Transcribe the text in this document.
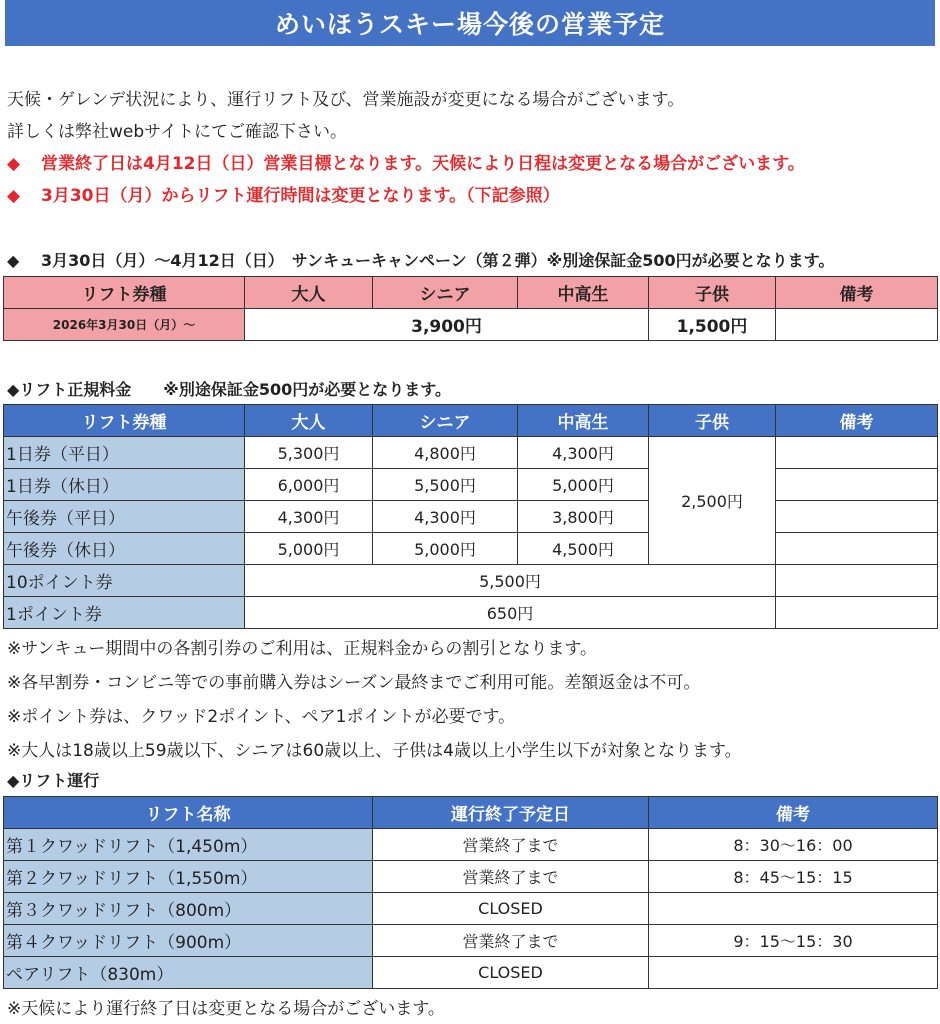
めいほうスキー場今後の営業予定
天候・ゲレンデ状況により、運行リフト及び、営業施設が変更になる場合がございます。
詳しくは弊社webサイトにてご確認下さい。
◆ 営業終了日は4月12日（日）営業目標となります。天候により日程は変更となる場合がございます。
◆ 3月30日（月）からリフト運行時間は変更となります。（下記参照）
◆ 3月30日（月）〜4月12日（日）　サンキューキャンペーン（第２弾）※別途保証金500円が必要となります。
リフト券種	大人	シニア	中高生	子供	備考
2026年3月30日（月）〜	3,900円			1,500円	
◆リフト正規料金　　※別途保証金500円が必要となります。
リフト券種	大人	シニア	中高生	子供	備考
1日券（平日）	5,300円	4,800円	4,300円	2,500円	
1日券（休日）	6,000円	5,500円	5,000円		
午後券（平日）	4,300円	4,300円	3,800円		
午後券（休日）	5,000円	5,000円	4,500円		
10ポイント券	5,500円				
1ポイント券	650円				
※サンキュー期間中の各割引券のご利用は、正規料金からの割引となります。
※各早割券・コンビニ等での事前購入券はシーズン最終までご利用可能。差額返金は不可。
※ポイント券は、クワッド2ポイント、ペア1ポイントが必要です。
※大人は18歳以上59歳以下、シニアは60歳以上、子供は4歳以上小学生以下が対象となります。
◆リフト運行
リフト名称	運行終了予定日	備考
第１クワッドリフト（1,450m）	営業終了まで	8：30〜16：00
第２クワッドリフト（1,550m）	営業終了まで	8：45〜15：15
第３クワッドリフト（800m）	CLOSED	
第４クワッドリフト（900m）	営業終了まで	9：15〜15：30
ペアリフト（830m）	CLOSED	
※天候により運行終了日は変更となる場合がございます。
